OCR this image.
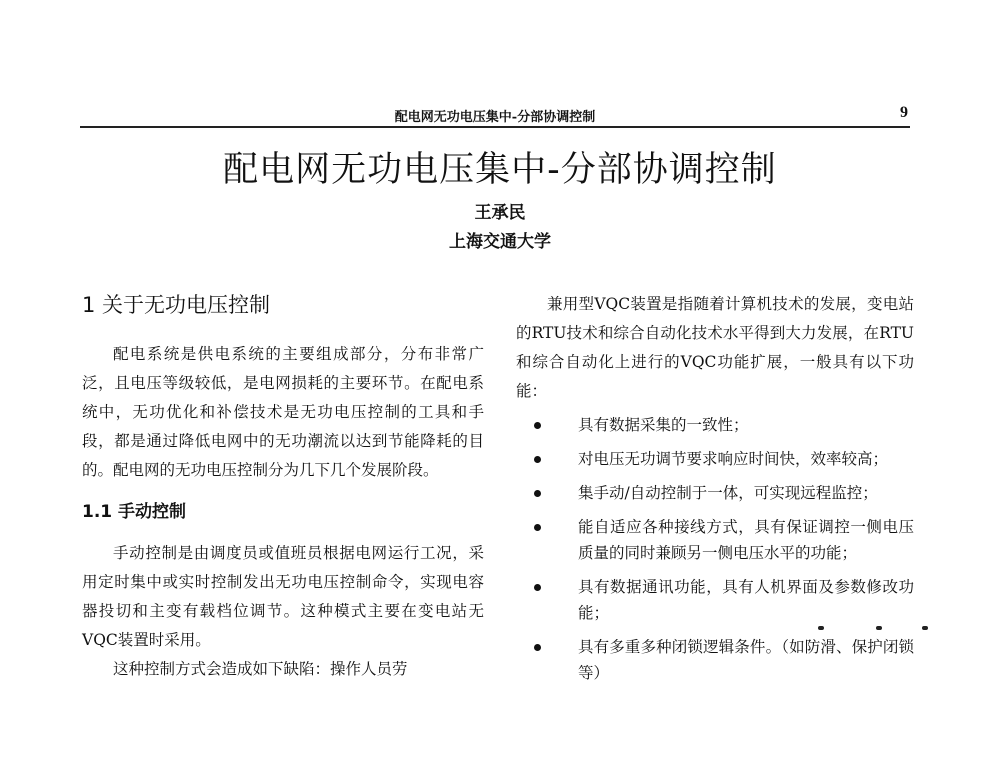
配电网无功电压集中-分部协调控制	9
配电网无功电压集中-分部协调控制
王承民
上海交通大学
1 关于无功电压控制

配电系统是供电系统的主要组成部分，分布非常广泛，且电压等级较低，是电网损耗的主要环节。在配电系统中，无功优化和补偿技术是无功电压控制的工具和手段，都是通过降低电网中的无功潮流以达到节能降耗的目的。配电网的无功电压控制分为几下几个发展阶段。

1.1 手动控制

手动控制是由调度员或值班员根据电网运行工况，采用定时集中或实时控制发出无功电压控制命令，实现电容器投切和主变有载档位调节。这种模式主要在变电站无VQC装置时采用。

这种控制方式会造成如下缺陷：操作人员劳

兼用型VQC装置是指随着计算机技术的发展，变电站的RTU技术和综合自动化技术水平得到大力发展，在RTU和综合自动化上进行的VQC功能扩展，一般具有以下功能：

具有数据采集的一致性；
对电压无功调节要求响应时间快，效率较高；
集手动/自动控制于一体，可实现远程监控；
能自适应各种接线方式，具有保证调控一侧电压质量的同时兼顾另一侧电压水平的功能；
具有数据通讯功能，具有人机界面及参数修改功能；
具有多重多种闭锁逻辑条件。（如防滑、保护闭锁等）
